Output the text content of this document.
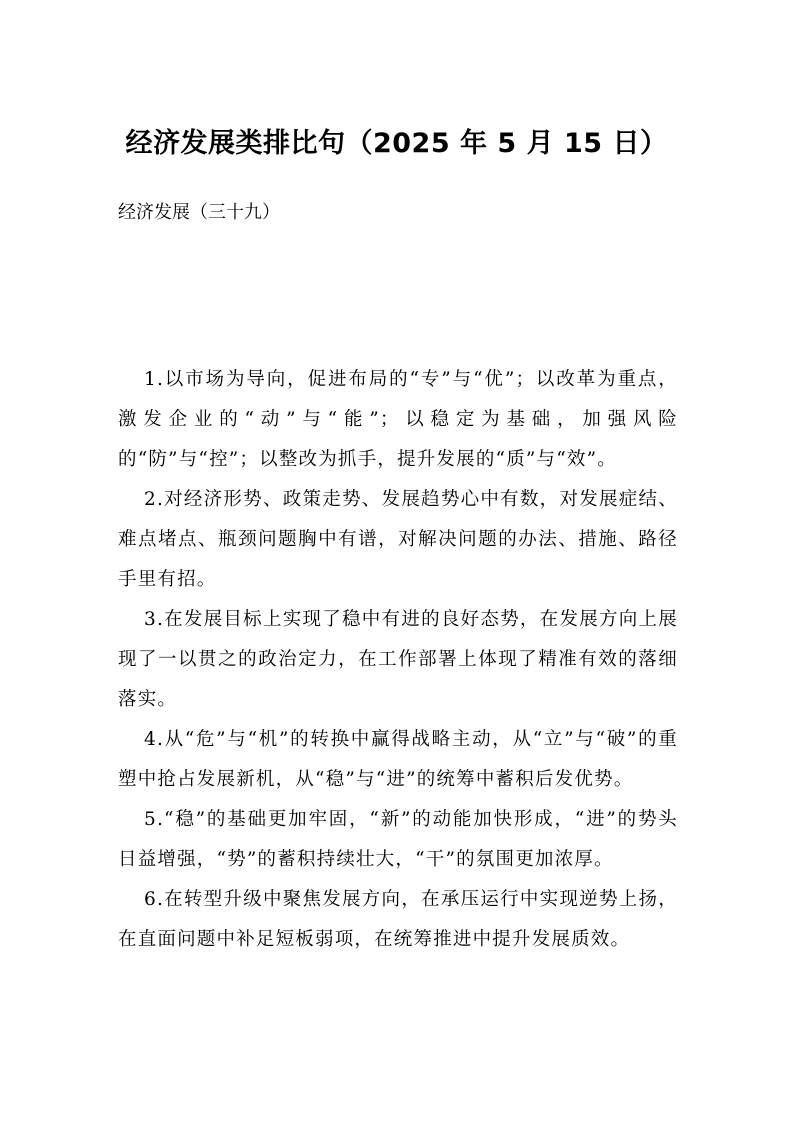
经济发展类排比句（2025 年 5 月 15 日）
经济发展（三十九）

1.以市场为导向，促进布局的“专”与“优”；以改革为重点，激发企业的“动”与“能”；以稳定为基础，加强风险的“防”与“控”；以整改为抓手，提升发展的“质”与“效”。

2.对经济形势、政策走势、发展趋势心中有数，对发展症结、难点堵点、瓶颈问题胸中有谱，对解决问题的办法、措施、路径手里有招。

3.在发展目标上实现了稳中有进的良好态势，在发展方向上展现了一以贯之的政治定力，在工作部署上体现了精准有效的落细落实。

4.从“危”与“机”的转换中赢得战略主动，从“立”与“破”的重塑中抢占发展新机，从“稳”与“进”的统筹中蓄积后发优势。

5.“稳”的基础更加牢固，“新”的动能加快形成，“进”的势头日益增强，“势”的蓄积持续壮大，“干”的氛围更加浓厚。

6.在转型升级中聚焦发展方向，在承压运行中实现逆势上扬，在直面问题中补足短板弱项，在统筹推进中提升发展质效。
